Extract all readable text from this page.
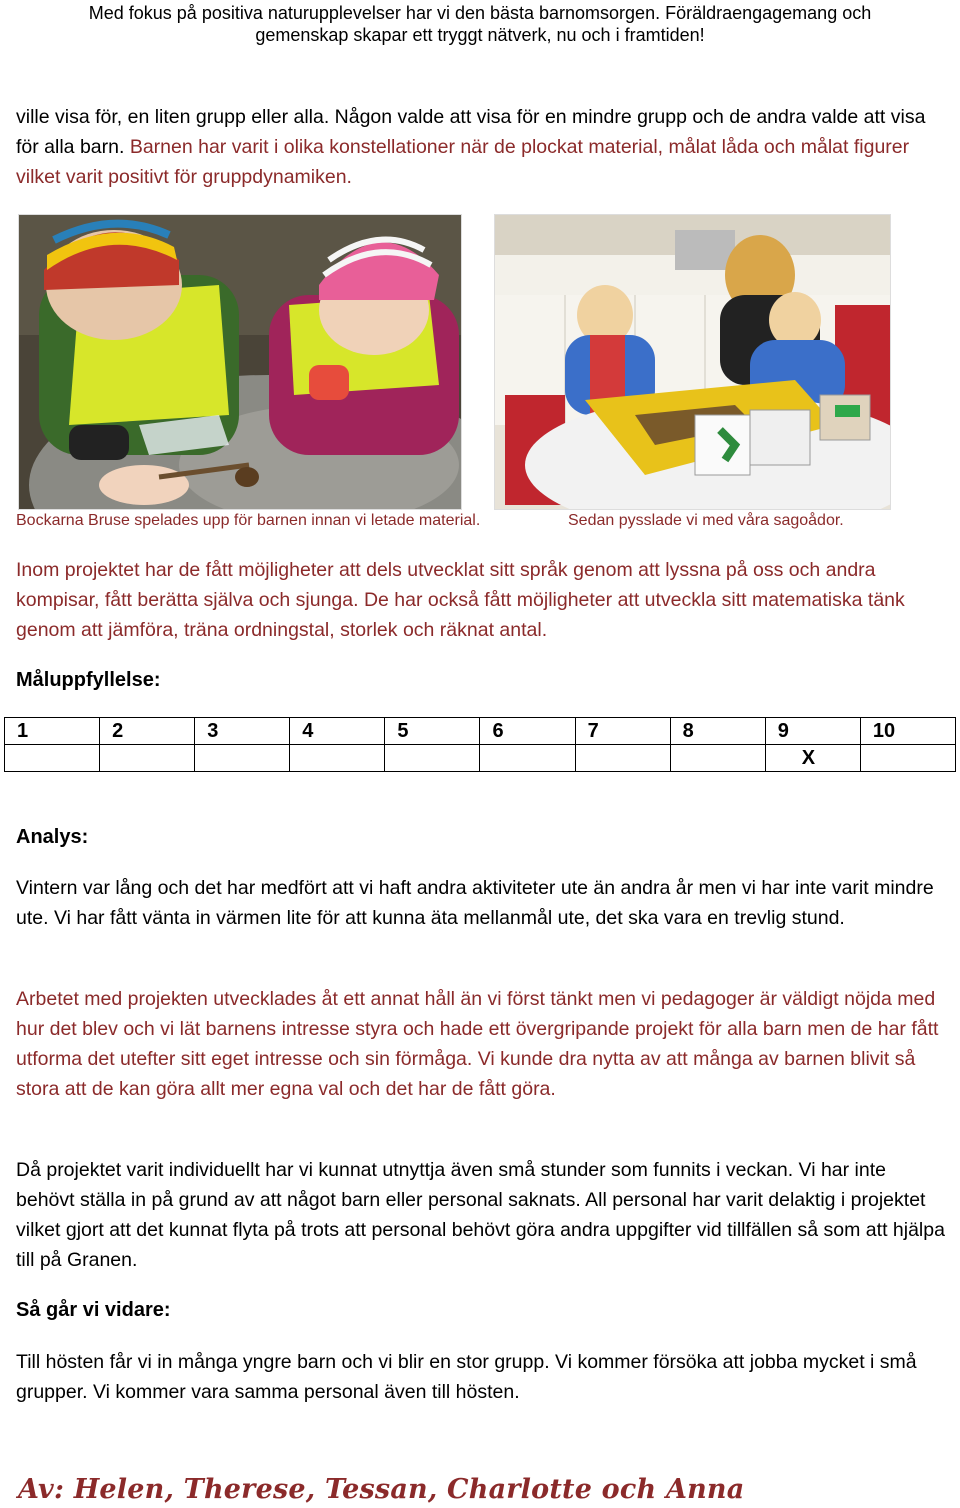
Med fokus på positiva naturupplevelser har vi den bästa barnomsorgen. Föräldraengagemang och
gemenskap skapar ett tryggt nätverk, nu och i framtiden!

ville visa för, en liten grupp eller alla. Någon valde att visa för en mindre grupp och de andra valde att visa för alla barn. Barnen har varit i olika konstellationer när de plockat material, målat låda och målat figurer vilket varit positivt för gruppdynamiken.

Bockarna Bruse spelades upp för barnen innan vi letade material.	Sedan pysslade vi med våra sagoådor.

Inom projektet har de fått möjligheter att dels utvecklat sitt språk genom att lyssna på oss och andra kompisar, fått berätta själva och sjunga. De har också fått möjligheter att utveckla sitt matematiska tänk genom att jämföra, träna ordningstal, storlek och räknat antal.

Måluppfyllelse:
1	2	3	4	5	6	7	8	9	10
								X	
Analys:

Vintern var lång och det har medfört att vi haft andra aktiviteter ute än andra år men vi har inte varit mindre ute. Vi har fått vänta in värmen lite för att kunna äta mellanmål ute, det ska vara en trevlig stund.

Arbetet med projekten utvecklades åt ett annat håll än vi först tänkt men vi pedagoger är väldigt nöjda med hur det blev och vi lät barnens intresse styra och hade ett övergripande projekt för alla barn men de har fått utforma det utefter sitt eget intresse och sin förmåga. Vi kunde dra nytta av att många av barnen blivit så stora att de kan göra allt mer egna val och det har de fått göra.

Då projektet varit individuellt har vi kunnat utnyttja även små stunder som funnits i veckan. Vi har inte behövt ställa in på grund av att något barn eller personal saknats. All personal har varit delaktig i projektet vilket gjort att det kunnat flyta på trots att personal behövt göra andra uppgifter vid tillfällen så som att hjälpa till på Granen.

Så går vi vidare:

Till hösten får vi in många yngre barn och vi blir en stor grupp. Vi kommer försöka att jobba mycket i små grupper. Vi kommer vara samma personal även till hösten.

Av: Helen, Therese, Tessan, Charlotte och Anna
